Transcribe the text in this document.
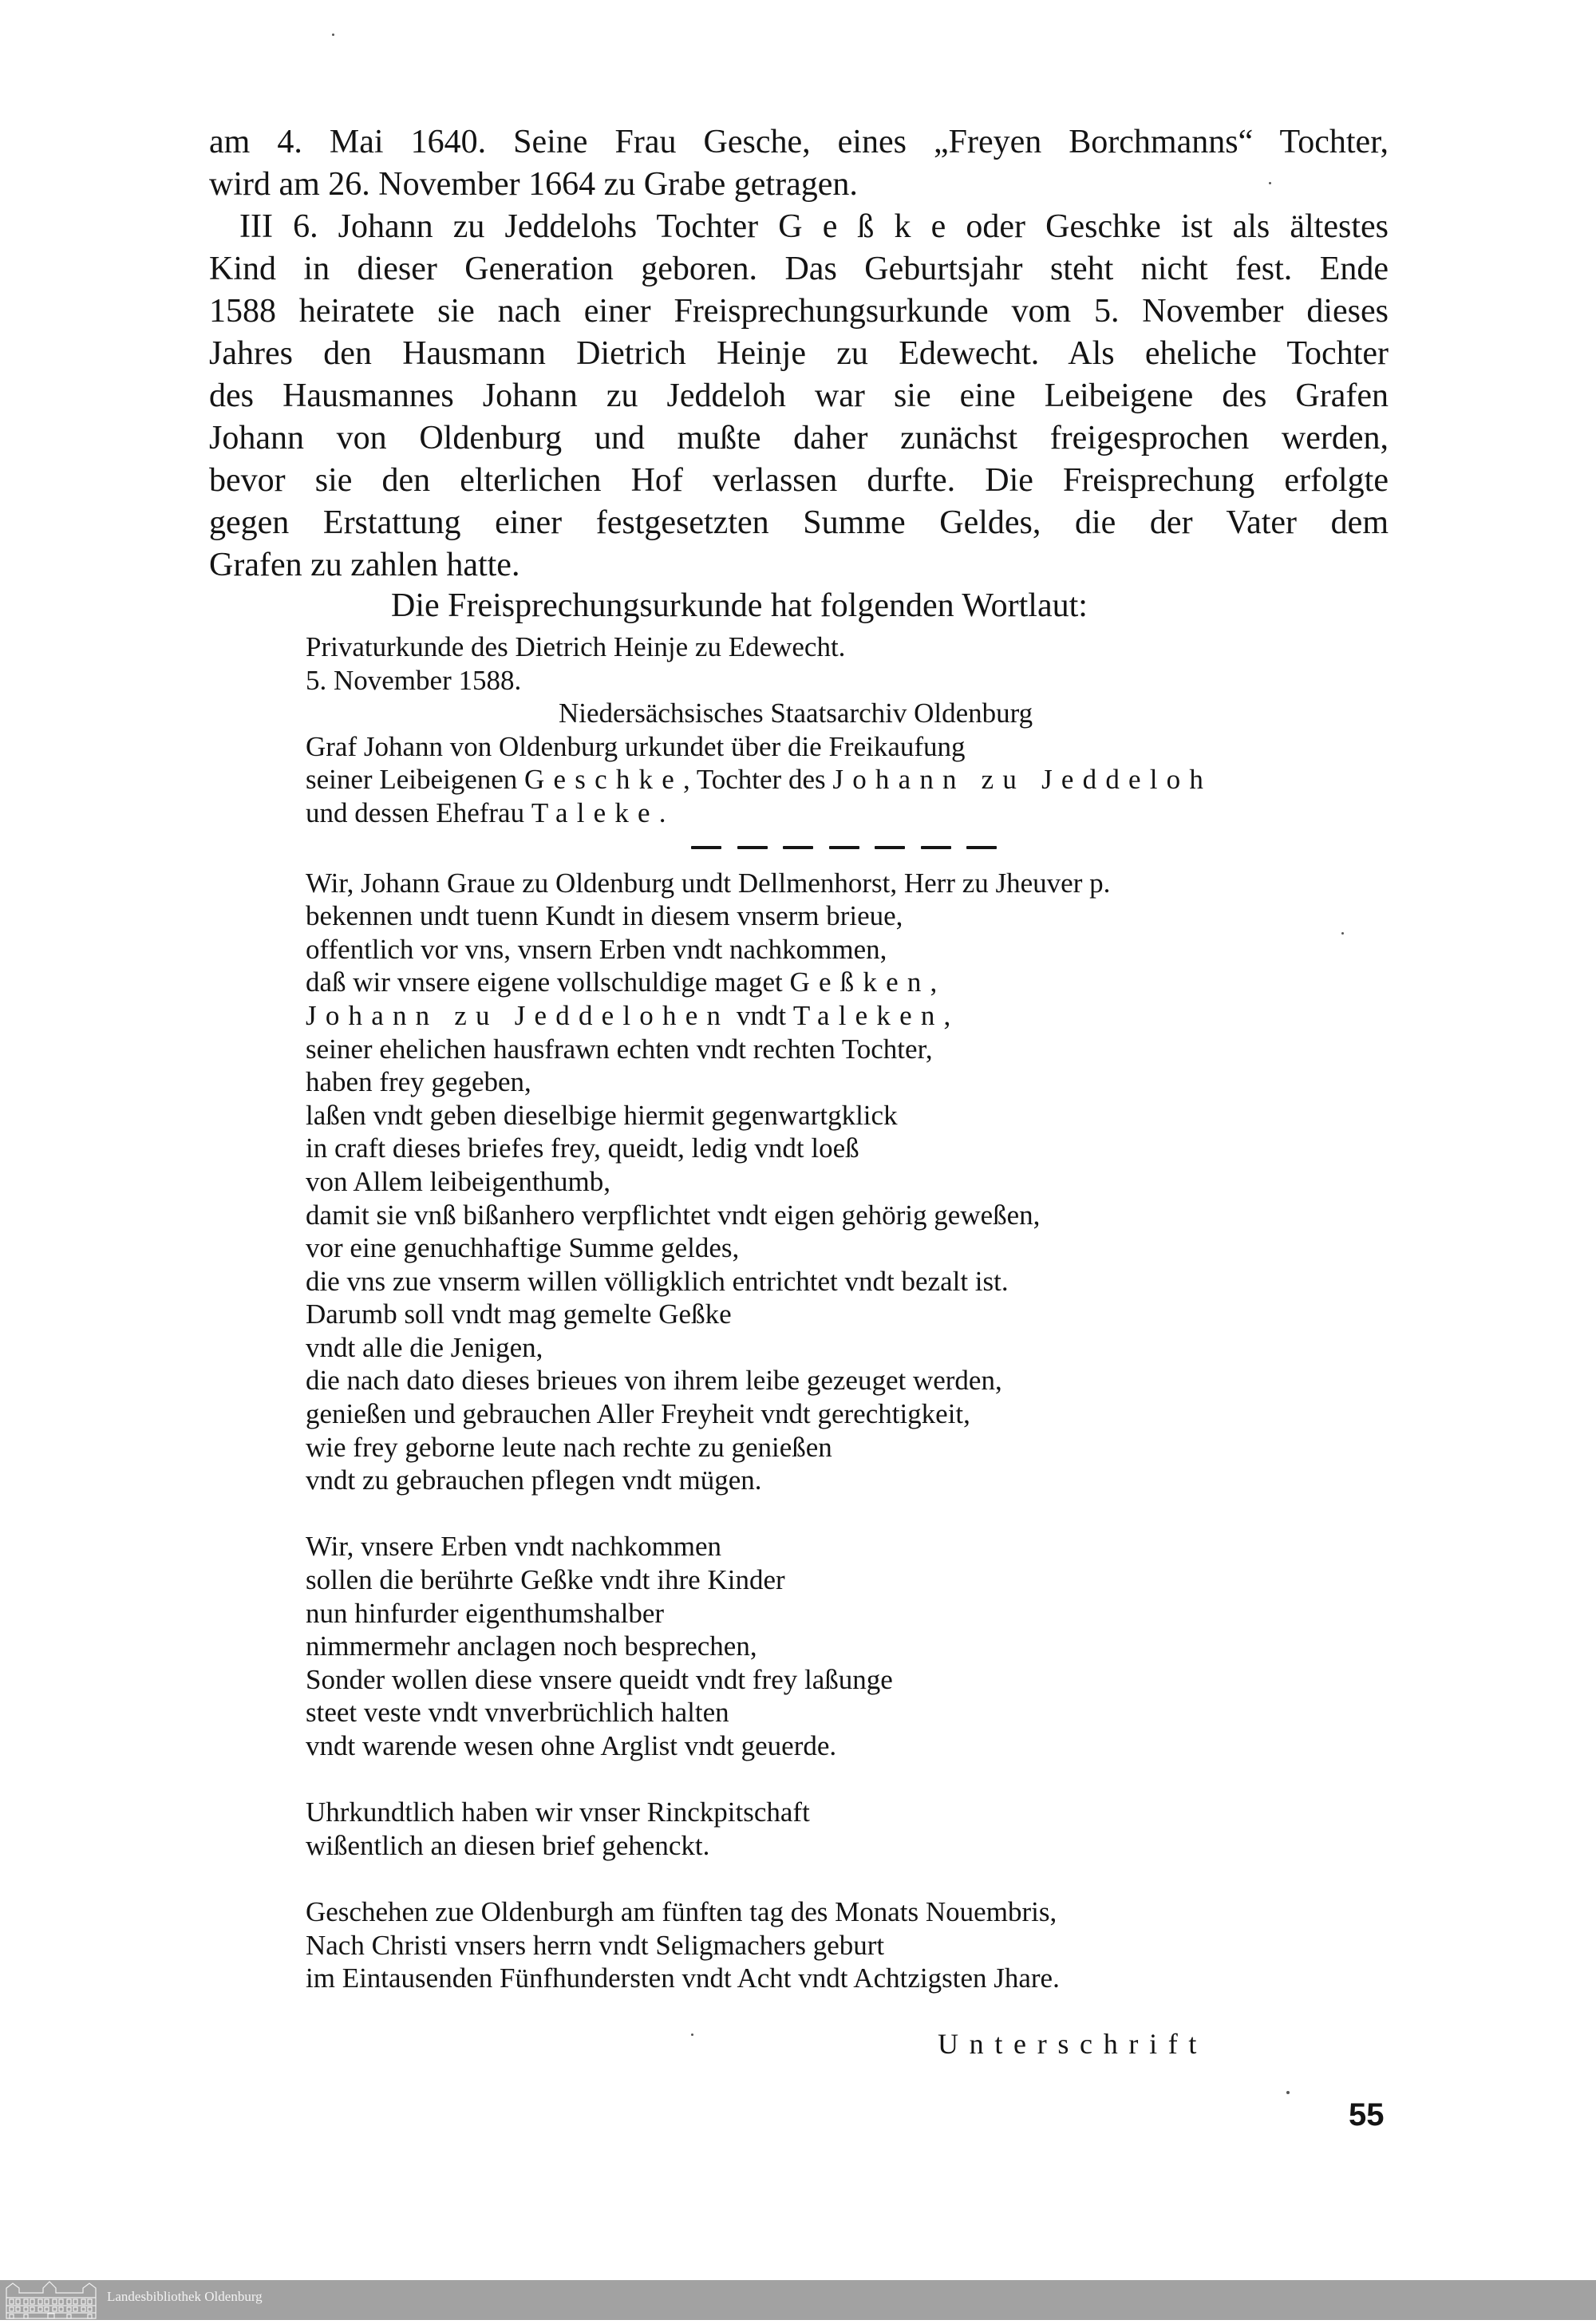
am 4. Mai 1640. Seine Frau Gesche, eines „Freyen Borchmanns“ Tochter,
wird am 26. November 1664 zu Grabe getragen.
III 6. Johann zu Jeddelohs Tochter G e ß k e oder Geschke ist als ältestes
Kind in dieser Generation geboren. Das Geburtsjahr steht nicht fest. Ende
1588 heiratete sie nach einer Freisprechungsurkunde vom 5. November dieses
Jahres den Hausmann Dietrich Heinje zu Edewecht. Als eheliche Tochter
des Hausmannes Johann zu Jeddeloh war sie eine Leibeigene des Grafen
Johann von Oldenburg und mußte daher zunächst freigesprochen werden,
bevor sie den elterlichen Hof verlassen durfte. Die Freisprechung erfolgte
gegen Erstattung einer festgesetzten Summe Geldes, die der Vater dem
Grafen zu zahlen hatte.
Die Freisprechungsurkunde hat folgenden Wortlaut:
Privaturkunde des Dietrich Heinje zu Edewecht.
5. November 1588.
Niedersächsisches Staatsarchiv Oldenburg
Graf Johann von Oldenburg urkundet über die Freikaufung
seiner Leibeigenen Geschke, Tochter des Johann zu Jeddeloh
und dessen Ehefrau Taleke.
Wir, Johann Graue zu Oldenburg undt Dellmenhorst, Herr zu Jheuver p.
bekennen undt tuenn Kundt in diesem vnserm brieue,
offentlich vor vns, vnsern Erben vndt nachkommen,
daß wir vnsere eigene vollschuldige maget Geßken,
Johann zu Jeddelohen vndt Taleken,
seiner ehelichen hausfrawn echten vndt rechten Tochter,
haben frey gegeben,
laßen vndt geben dieselbige hiermit gegenwartgklick
in craft dieses briefes frey, queidt, ledig vndt loeß
von Allem leibeigenthumb,
damit sie vnß bißanhero verpflichtet vndt eigen gehörig geweßen,
vor eine genuchhaftige Summe geldes,
die vns zue vnserm willen völligklich entrichtet vndt bezalt ist.
Darumb soll vndt mag gemelte Geßke
vndt alle die Jenigen,
die nach dato dieses brieues von ihrem leibe gezeuget werden,
genießen und gebrauchen Aller Freyheit vndt gerechtigkeit,
wie frey geborne leute nach rechte zu genießen
vndt zu gebrauchen pflegen vndt mügen.
Wir, vnsere Erben vndt nachkommen
sollen die berührte Geßke vndt ihre Kinder
nun hinfurder eigenthumshalber
nimmermehr anclagen noch besprechen,
Sonder wollen diese vnsere queidt vndt frey laßunge
steet veste vndt vnverbrüchlich halten
vndt warende wesen ohne Arglist vndt geuerde.
Uhrkundtlich haben wir vnser Rinckpitschaft
wißentlich an diesen brief gehenckt.
Geschehen zue Oldenburgh am fünften tag des Monats Nouembris,
Nach Christi vnsers herrn vndt Seligmachers geburt
im Eintausenden Fünfhundersten vndt Acht vndt Achtzigsten Jhare.
Unterschrift
55
Landesbibliothek Oldenburg
